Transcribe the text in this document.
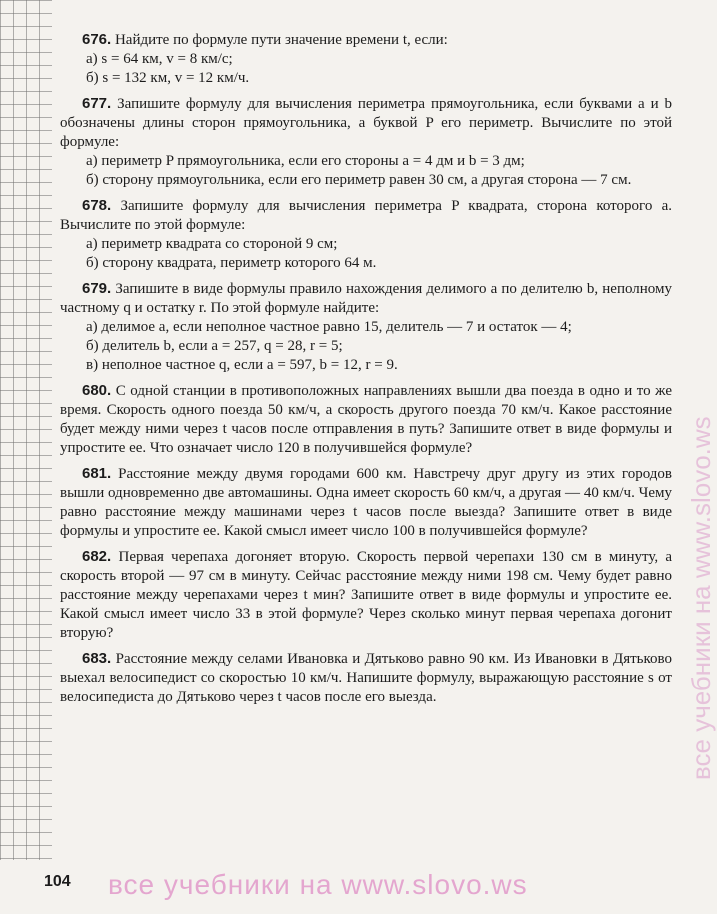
676. Найдите по формуле пути значение времени t, если:

а) s = 64 км, v = 8 км/с;
б) s = 132 км, v = 12 км/ч.

677. Запишите формулу для вычисления периметра прямоугольника, если буквами a и b обозначены длины сторон прямоугольника, а буквой P его периметр. Вычислите по этой формуле:

а) периметр P прямоугольника, если его стороны a = 4 дм и b = 3 дм;
б) сторону прямоугольника, если его периметр равен 30 см, а другая сторона — 7 см.

678. Запишите формулу для вычисления периметра P квадрата, сторона которого a. Вычислите по этой формуле:

а) периметр квадрата со стороной 9 см;
б) сторону квадрата, периметр которого 64 м.

679. Запишите в виде формулы правило нахождения делимого a по делителю b, неполному частному q и остатку r. По этой формуле найдите:

а) делимое a, если неполное частное равно 15, делитель — 7 и остаток — 4;
б) делитель b, если a = 257, q = 28, r = 5;
в) неполное частное q, если a = 597, b = 12, r = 9.

680. С одной станции в противоположных направлениях вышли два поезда в одно и то же время. Скорость одного поезда 50 км/ч, а скорость другого поезда 70 км/ч. Какое расстояние будет между ними через t часов после отправления в путь? Запишите ответ в виде формулы и упростите ее. Что означает число 120 в получившейся формуле?

681. Расстояние между двумя городами 600 км. Навстречу друг другу из этих городов вышли одновременно две автомашины. Одна имеет скорость 60 км/ч, а другая — 40 км/ч. Чему равно расстояние между машинами через t часов после выезда? Запишите ответ в виде формулы и упростите ее. Какой смысл имеет число 100 в получившейся формуле?

682. Первая черепаха догоняет вторую. Скорость первой черепахи 130 см в минуту, а скорость второй — 97 см в минуту. Сейчас расстояние между ними 198 см. Чему будет равно расстояние между черепахами через t мин? Запишите ответ в виде формулы и упростите ее. Какой смысл имеет число 33 в этой формуле? Через сколько минут первая черепаха догонит вторую?

683. Расстояние между селами Ивановка и Дятьково равно 90 км. Из Ивановки в Дятьково выехал велосипедист со скоростью 10 км/ч. Напишите формулу, выражающую расстояние s от велосипедиста до Дятьково через t часов после его выезда.

104 все учебники на www.slovo.ws
все учебники на www.slovo.ws
